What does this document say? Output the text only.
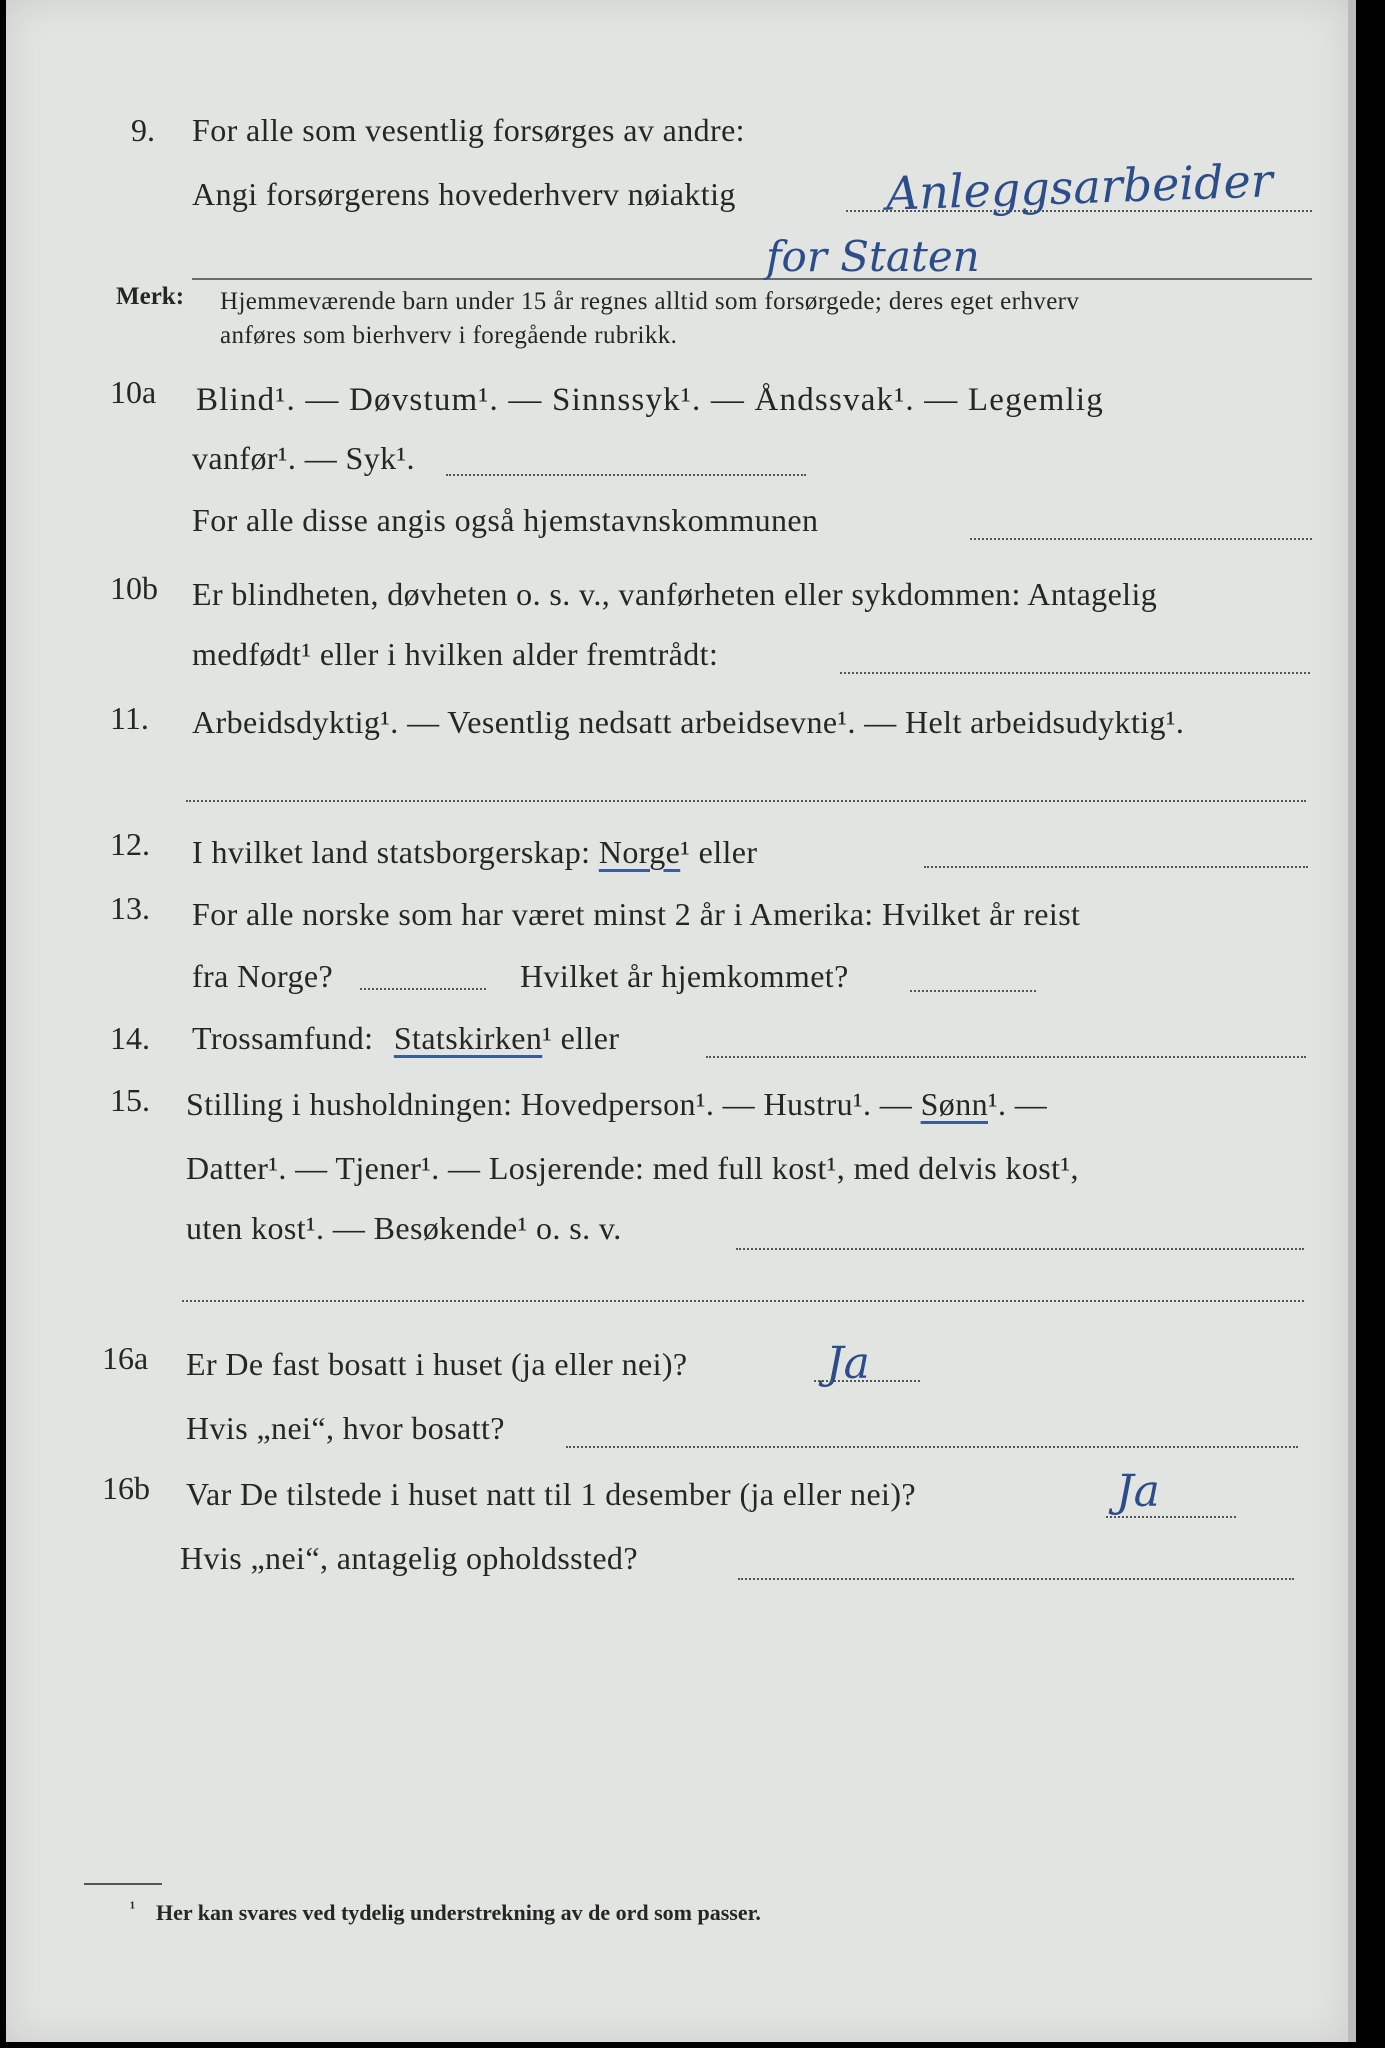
9. For alle som vesentlig forsørges av andre:
Angi forsørgerens hovederhverv nøiaktig	Anleggsarbeider
for Staten
Merk: Hjemmeværende barn under 15 år regnes alltid som forsørgede; deres eget erhverv
anføres som bierhverv i foregående rubrikk.
10a Blind¹. — Døvstum¹. — Sinnssyk¹. — Åndssvak¹. — Legemlig
vanfør¹. — Syk¹.
For alle disse angis også hjemstavnskommunen
10b Er blindheten, døvheten o. s. v., vanførheten eller sykdommen: Antagelig
medfødt¹ eller i hvilken alder fremtrådt:
11. Arbeidsdyktig¹. — Vesentlig nedsatt arbeidsevne¹. — Helt arbeidsudyktig¹.
12. I hvilket land statsborgerskap: Norge¹ eller
13. For alle norske som har været minst 2 år i Amerika: Hvilket år reist
fra Norge?	Hvilket år hjemkommet?
14. Trossamfund: Statskirken¹ eller
15. Stilling i husholdningen: Hovedperson¹. — Hustru¹. — Sønn¹. —
Datter¹. — Tjener¹. — Losjerende: med full kost¹, med delvis kost¹,
uten kost¹. — Besøkende¹ o. s. v.
16a Er De fast bosatt i huset (ja eller nei)?	Ja
Hvis „nei“, hvor bosatt?
16b Var De tilstede i huset natt til 1 desember (ja eller nei)?	Ja
Hvis „nei“, antagelig opholdssted?
¹ Her kan svares ved tydelig understrekning av de ord som passer.
